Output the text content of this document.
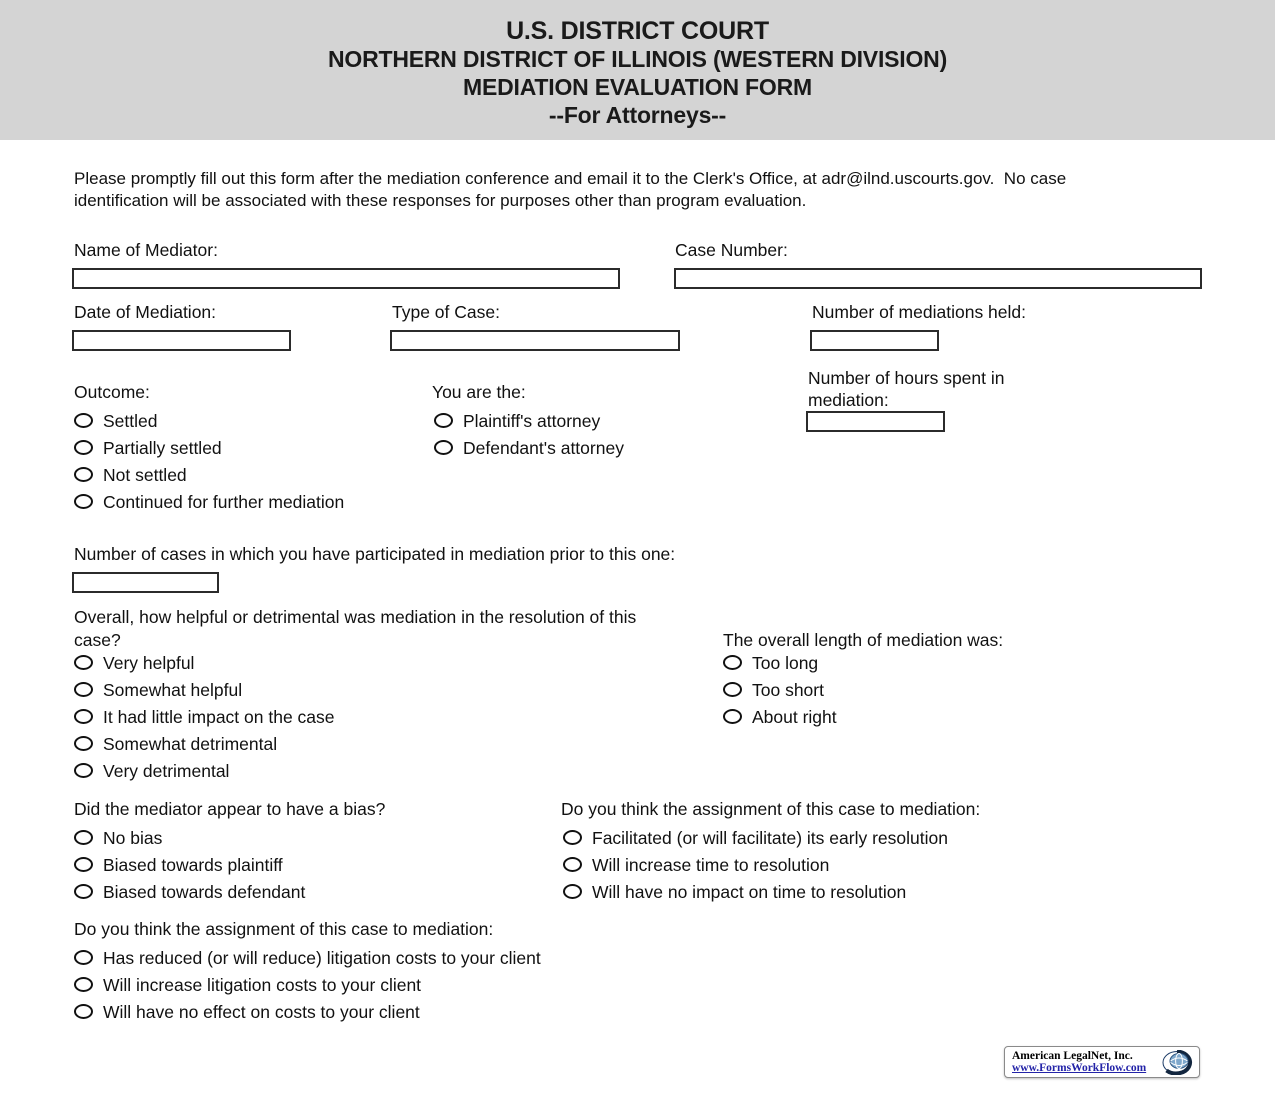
U.S. DISTRICT COURT
NORTHERN DISTRICT OF ILLINOIS (WESTERN DIVISION)
MEDIATION EVALUATION FORM
--For Attorneys--
Please promptly fill out this form after the mediation conference and email it to the Clerk's Office, at adr@ilnd.uscourts.gov.  No case identification will be associated with these responses for purposes other than program evaluation.
Name of Mediator:	Case Number:
Date of Mediation:	Type of Case:	Number of mediations held:
Outcome:
Settled
Partially settled
Not settled
Continued for further mediation
You are the:
Plaintiff's attorney
Defendant's attorney
Number of hours spent in mediation:
Number of cases in which you have participated in mediation prior to this one:
Overall, how helpful or detrimental was mediation in the resolution of this case?
Very helpful
Somewhat helpful
It had little impact on the case
Somewhat detrimental
Very detrimental
The overall length of mediation was:
Too long
Too short
About right
Did the mediator appear to have a bias?
No bias
Biased towards plaintiff
Biased towards defendant
Do you think the assignment of this case to mediation:
Facilitated (or will facilitate) its early resolution
Will increase time to resolution
Will have no impact on time to resolution
Do you think the assignment of this case to mediation:
Has reduced (or will reduce) litigation costs to your client
Will increase litigation costs to your client
Will have no effect on costs to your client
American LegalNet, Inc.
www.FormsWorkFlow.com
